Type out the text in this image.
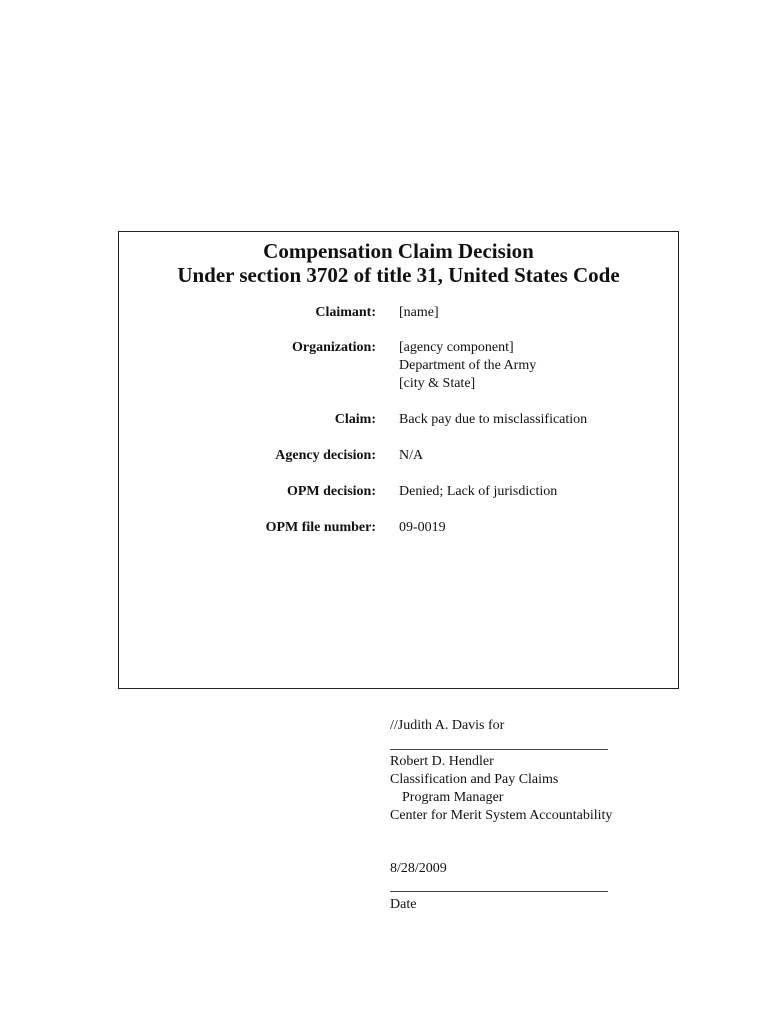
Compensation Claim Decision
Under section 3702 of title 31, United States Code
Claimant: [name]
Organization: [agency component]
Department of the Army
[city & State]
Claim: Back pay due to misclassification
Agency decision: N/A
OPM decision: Denied; Lack of jurisdiction
OPM file number: 09-0019
//Judith A. Davis for
Robert D. Hendler
Classification and Pay Claims
Program Manager
Center for Merit System Accountability
8/28/2009
Date
